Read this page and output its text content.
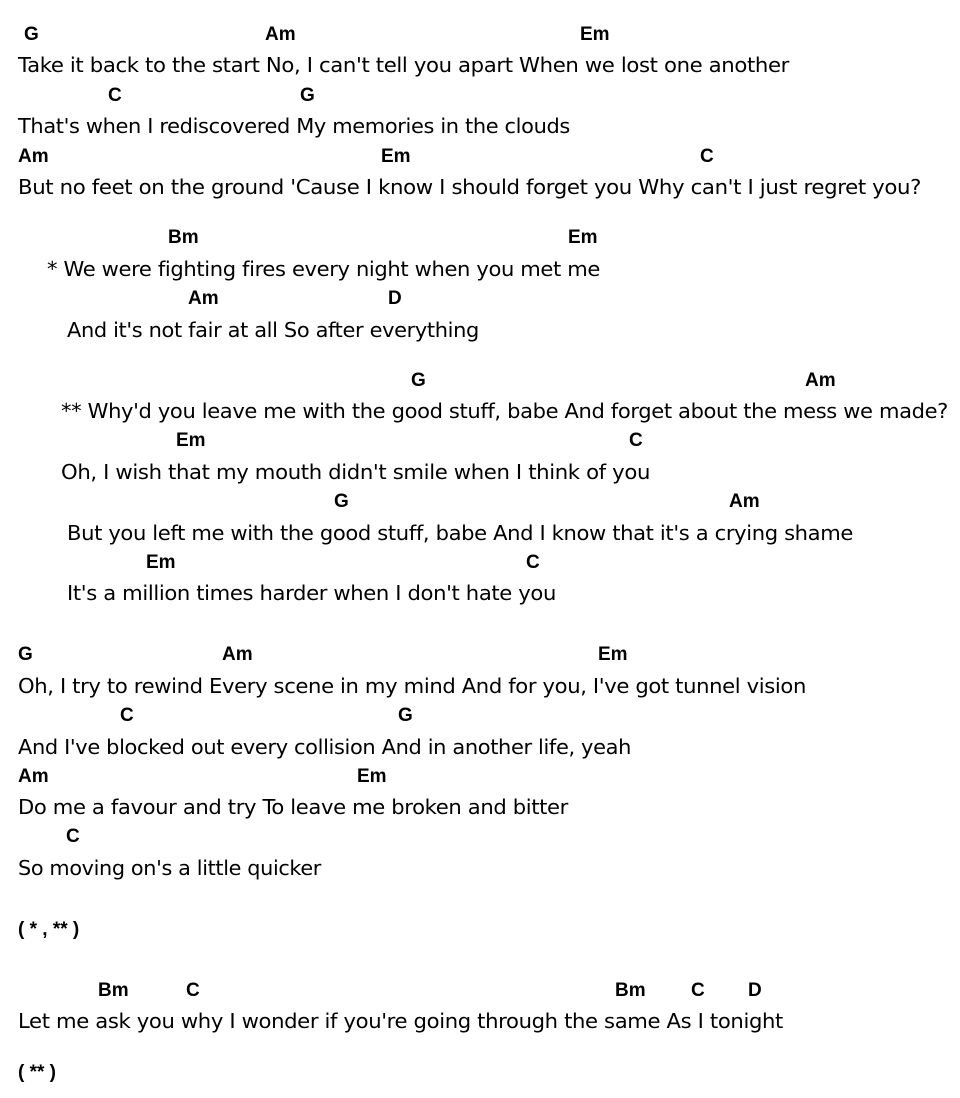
G	Am	Em
Take it back to the start No, I can't tell you apart When we lost one another
C	G
That's when I rediscovered My memories in the clouds
Am	Em	C
But no feet on the ground 'Cause I know I should forget you Why can't I just regret you?
Bm	Em
* We were fighting fires every night when you met me
Am	D
And it's not fair at all So after everything
G	Am
** Why'd you leave me with the good stuff, babe And forget about the mess we made?
Em	C
Oh, I wish that my mouth didn't smile when I think of you
G	Am
But you left me with the good stuff, babe And I know that it's a crying shame
Em	C
It's a million times harder when I don't hate you
G	Am	Em
Oh, I try to rewind Every scene in my mind And for you, I've got tunnel vision
C	G
And I've blocked out every collision And in another life, yeah
Am	Em
Do me a favour and try To leave me broken and bitter
C
So moving on's a little quicker
( * , ** )
Bm	C	Bm C D
Let me ask you why I wonder if you're going through the same As I tonight
( ** )
